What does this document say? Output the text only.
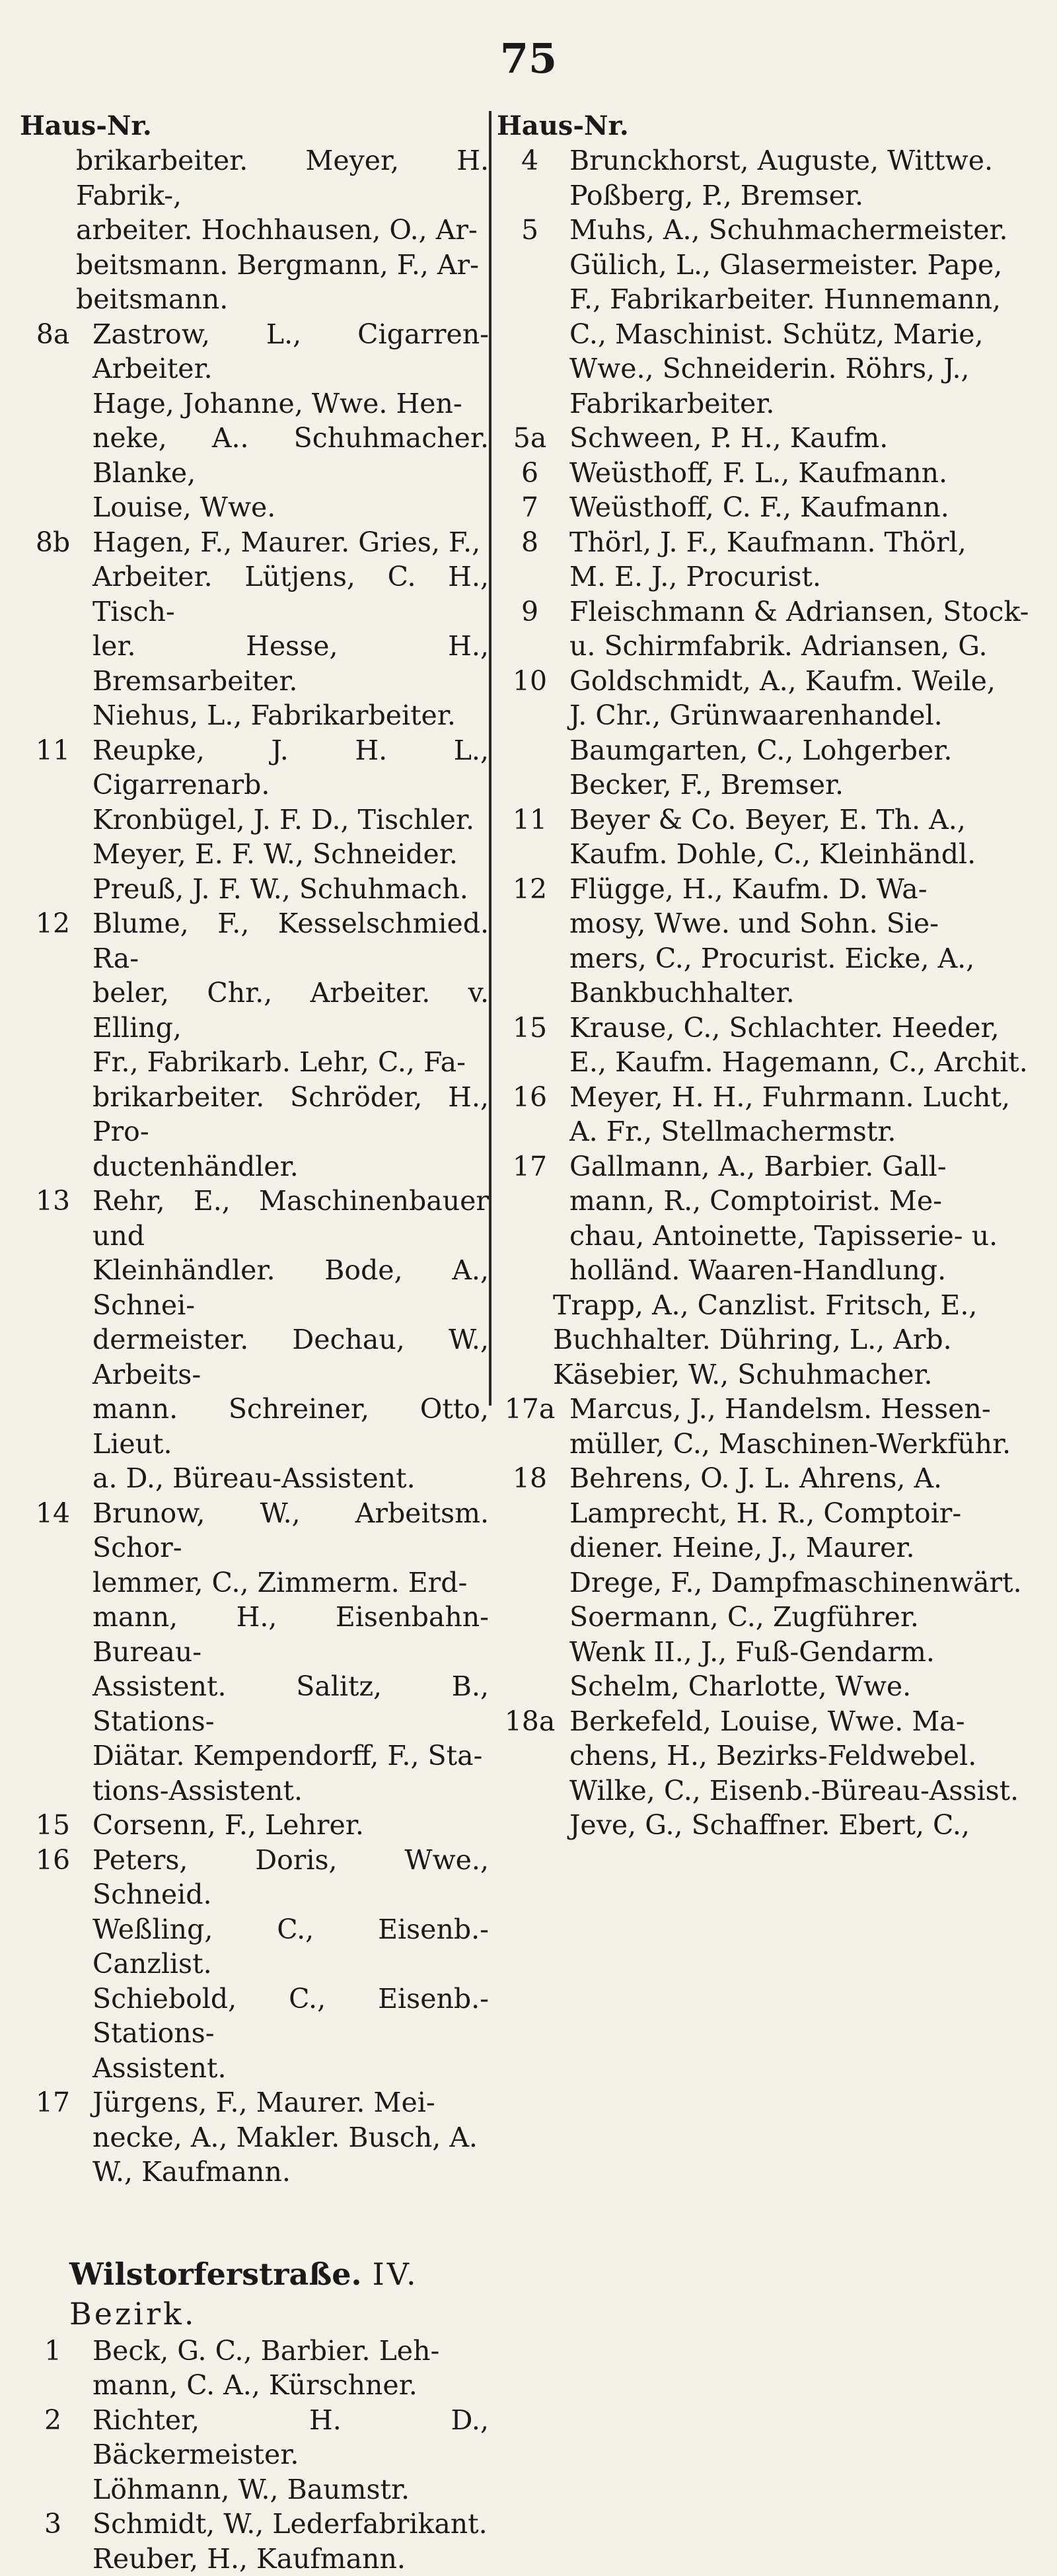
75
Haus-Nr.
brikarbeiter. Meyer, H. Fabrik-,
arbeiter. Hochhausen, O., Ar-
beitsmann. Bergmann, F., Ar-
beitsmann.
8a Zastrow, L., Cigarren-Arbeiter.
Hage, Johanne, Wwe. Hen-
neke, A.. Schuhmacher. Blanke,
Louise, Wwe.
8b Hagen, F., Maurer. Gries, F.,
Arbeiter. Lütjens, C. H., Tisch-
ler. Hesse, H., Bremsarbeiter.
Niehus, L., Fabrikarbeiter.
11 Reupke, J. H. L., Cigarrenarb.
Kronbügel, J. F. D., Tischler.
Meyer, E. F. W., Schneider.
Preuß, J. F. W., Schuhmach.
12 Blume, F., Kesselschmied. Ra-
beler, Chr., Arbeiter. v. Elling,
Fr., Fabrikarb. Lehr, C., Fa-
brikarbeiter. Schröder, H., Pro-
ductenhändler.
13 Rehr, E., Maschinenbauer und
Kleinhändler. Bode, A., Schnei-
dermeister. Dechau, W., Arbeits-
mann. Schreiner, Otto, Lieut.
a. D., Büreau-Assistent.
14 Brunow, W., Arbeitsm. Schor-
lemmer, C., Zimmerm. Erd-
mann, H., Eisenbahn-Bureau-
Assistent. Salitz, B., Stations-
Diätar. Kempendorff, F., Sta-
tions-Assistent.
15 Corsenn, F., Lehrer.
16 Peters, Doris, Wwe., Schneid.
Weßling, C., Eisenb.-Canzlist.
Schiebold, C., Eisenb.-Stations-
Assistent.
17 Jürgens, F., Maurer. Mei-
necke, A., Makler. Busch, A.
W., Kaufmann.
Wilstorferstraße. IV. Bezirk.
1	Beck, G. C., Barbier. Leh-
mann, C. A., Kürschner.
2	Richter, H. D., Bäckermeister.
Löhmann, W., Baumstr.
3	Schmidt, W., Lederfabrikant.
Reuber, H., Kaufmann.
Haus-Nr.
4	Brunckhorst, Auguste, Wittwe.
Poßberg, P., Bremser.
5	Muhs, A., Schuhmachermeister.
Gülich, L., Glasermeister. Pape,
F., Fabrikarbeiter. Hunnemann,
C., Maschinist. Schütz, Marie,
Wwe., Schneiderin. Röhrs, J.,
Fabrikarbeiter.
5a Schween, P. H., Kaufm.
6	Weüsthoff, F. L., Kaufmann.
7	Weüsthoff, C. F., Kaufmann.
8	Thörl, J. F., Kaufmann. Thörl,
M. E. J., Procurist.
9	Fleischmann & Adriansen, Stock-
u. Schirmfabrik. Adriansen, G.
10 Goldschmidt, A., Kaufm. Weile,
J. Chr., Grünwaarenhandel.
Baumgarten, C., Lohgerber.
Becker, F., Bremser.
11 Beyer & Co. Beyer, E. Th. A.,
Kaufm. Dohle, C., Kleinhändl.
12 Flügge, H., Kaufm. D. Wa-
mosy, Wwe. und Sohn. Sie-
mers, C., Procurist. Eicke, A.,
Bankbuchhalter.
15 Krause, C., Schlachter. Heeder,
E., Kaufm. Hagemann, C., Archit.
16 Meyer, H. H., Fuhrmann. Lucht,
A. Fr., Stellmachermstr.
17 Gallmann, A., Barbier. Gall-
mann, R., Comptoirist. Me-
chau, Antoinette, Tapisserie- u.
holländ. Waaren-Handlung.
Trapp, A., Canzlist. Fritsch, E.,
Buchhalter. Dühring, L., Arb.
Käsebier, W., Schuhmacher.
17a Marcus, J., Handelsm. Hessen-
müller, C., Maschinen-Werkführ.
18 Behrens, O. J. L. Ahrens, A.
Lamprecht, H. R., Comptoir-
diener. Heine, J., Maurer.
Drege, F., Dampfmaschinenwärt.
Soermann, C., Zugführer.
Wenk II., J., Fuß-Gendarm.
Schelm, Charlotte, Wwe.
18a Berkefeld, Louise, Wwe. Ma-
chens, H., Bezirks-Feldwebel.
Wilke, C., Eisenb.-Büreau-Assist.
Jeve, G., Schaffner. Ebert, C.,
